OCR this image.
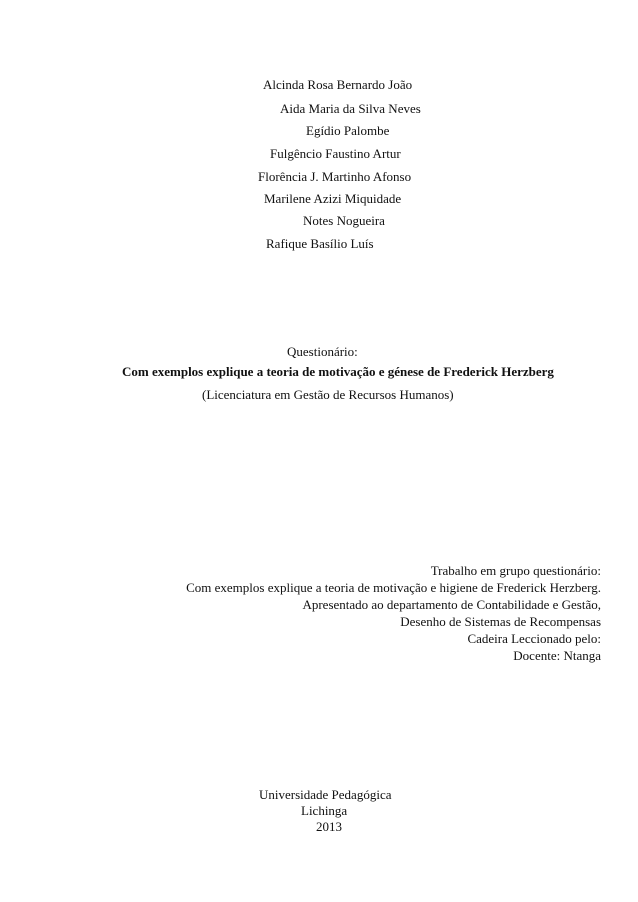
Alcinda Rosa Bernardo João
Aida Maria da Silva Neves
Egídio Palombe
Fulgêncio Faustino Artur
Florência J. Martinho Afonso
Marilene Azizi Miquidade
Notes Nogueira
Rafique Basílio Luís
Questionário:
Com exemplos explique a teoria de motivação e génese de Frederick Herzberg
(Licenciatura em Gestão de Recursos Humanos)
Trabalho em grupo questionário:
Com exemplos explique a teoria de motivação e higiene de Frederick Herzberg.
Apresentado ao departamento de Contabilidade e Gestão,
Desenho de Sistemas de Recompensas
Cadeira Leccionado pelo:
Docente: Ntanga
Universidade Pedagógica
Lichinga
2013
